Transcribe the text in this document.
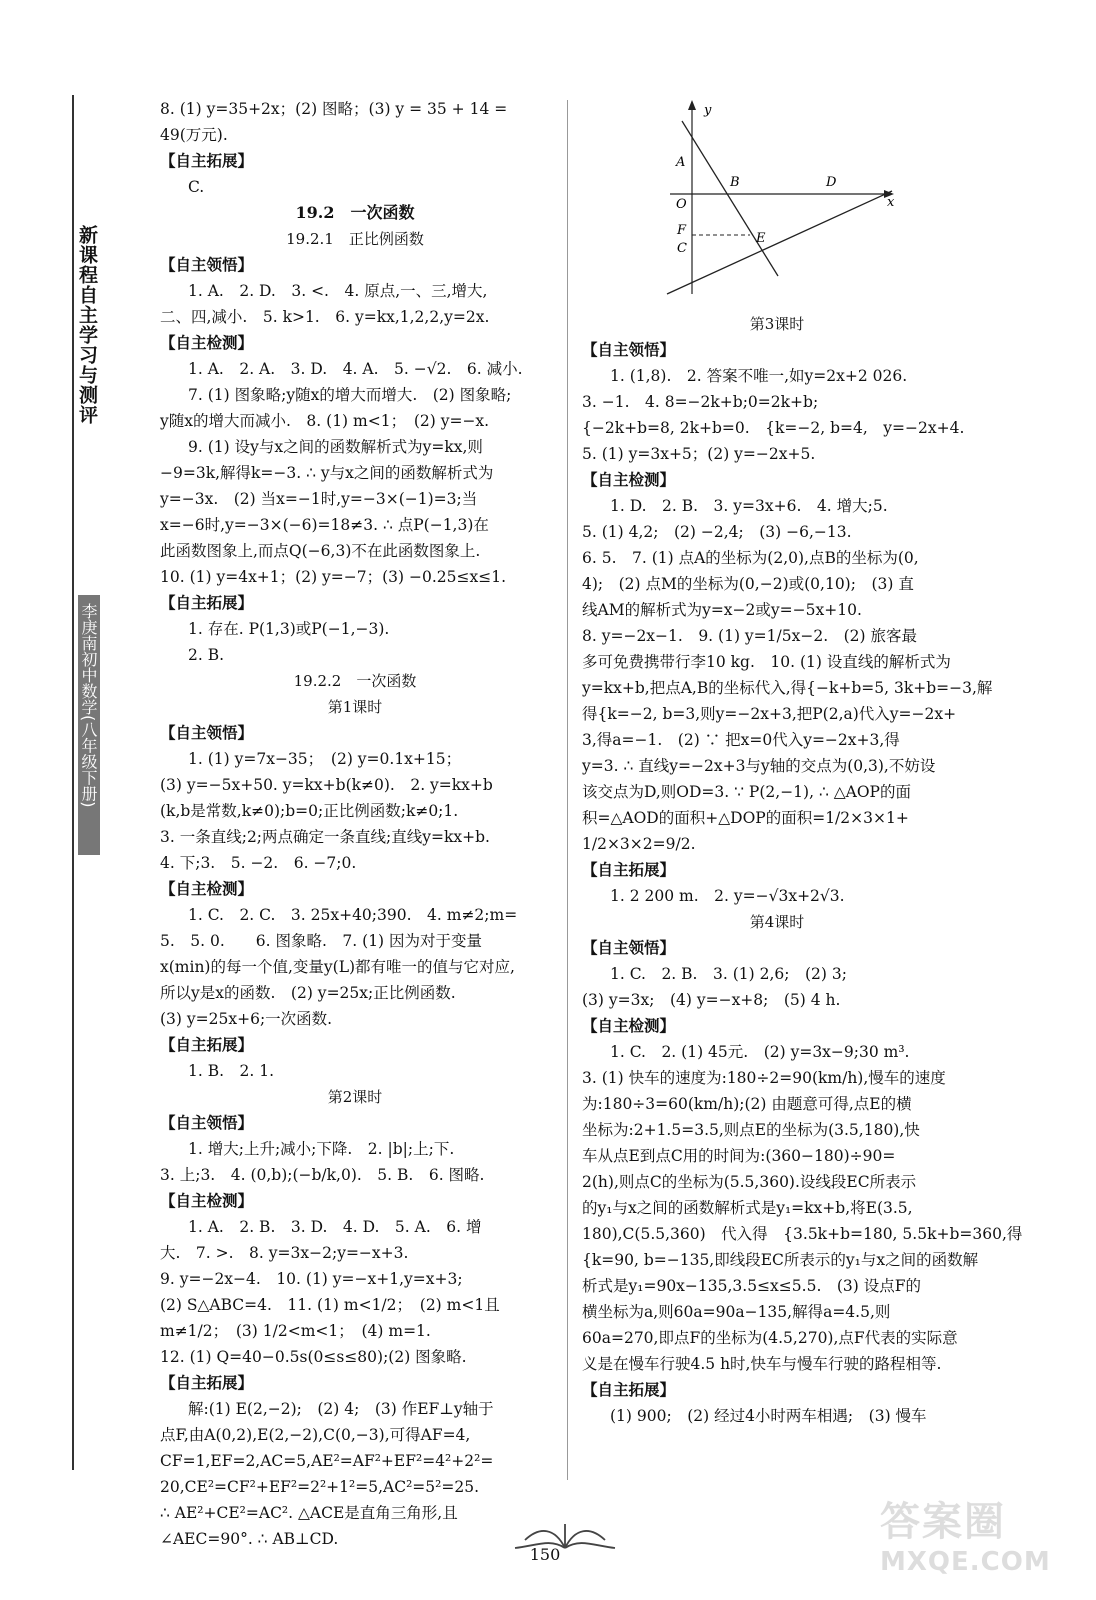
新课程自主学习与测评
李庚南初中数学(八年级下册)
8. (1) y=35+2x；(2) 图略；(3) y = 35 + 14 =
49(万元).
【自主拓展】
C.
19.2　一次函数
19.2.1　正比例函数
【自主领悟】
1. A.　2. D.　3. <.　4. 原点,一、三,增大,
二、四,减小.　5. k>1.　6. y=kx,1,2,2,y=2x.
【自主检测】
1. A.　2. A.　3. D.　4. A.　5. −√2.　6. 减小.
7. (1) 图象略;y随x的增大而增大.　(2) 图象略;
y随x的增大而减小.　8. (1) m<1；　(2) y=−x.
9. (1) 设y与x之间的函数解析式为y=kx,则
−9=3k,解得k=−3. ∴ y与x之间的函数解析式为
y=−3x.　(2) 当x=−1时,y=−3×(−1)=3;当
x=−6时,y=−3×(−6)=18≠3. ∴ 点P(−1,3)在
此函数图象上,而点Q(−6,3)不在此函数图象上.
10. (1) y=4x+1；(2) y=−7；(3) −0.25≤x≤1.
【自主拓展】
1. 存在. P(1,3)或P(−1,−3).
2. B.
19.2.2　一次函数
第1课时
【自主领悟】
1. (1) y=7x−35；　(2) y=0.1x+15；
(3) y=−5x+50. y=kx+b(k≠0).　2. y=kx+b
(k,b是常数,k≠0);b=0;正比例函数;k≠0;1.
3. 一条直线;2;两点确定一条直线;直线y=kx+b.
4. 下;3.　5. −2.　6. −7;0.
【自主检测】
1. C.　2. C.　3. 25x+40;390.　4. m≠2;m=
5.　5. 0.　　6. 图象略.　7. (1) 因为对于变量
x(min)的每一个值,变量y(L)都有唯一的值与它对应,
所以y是x的函数.　(2) y=25x;正比例函数.
(3) y=25x+6;一次函数.
【自主拓展】
1. B.　2. 1.
第2课时
【自主领悟】
1. 增大;上升;减小;下降.　2. |b|;上;下.
3. 上;3.　4. (0,b);(−b/k,0).　5. B.　6. 图略.
【自主检测】
1. A.　2. B.　3. D.　4. D.　5. A.　6. 增
大.　7. >.　8. y=3x−2;y=−x+3.
9. y=−2x−4.　10. (1) y=−x+1,y=x+3;
(2) S△ABC=4.　11. (1) m<1/2；　(2) m<1且
m≠1/2；　(3) 1/2<m<1；　(4) m=1.
12. (1) Q=40−0.5s(0≤s≤80);(2) 图象略.
【自主拓展】
解:(1) E(2,−2);　(2) 4;　(3) 作EF⊥y轴于
点F,由A(0,2),E(2,−2),C(0,−3),可得AF=4,
CF=1,EF=2,AC=5,AE²=AF²+EF²=4²+2²=
20,CE²=CF²+EF²=2²+1²=5,AC²=5²=25.
∴ AE²+CE²=AC². △ACE是直角三角形,且
∠AEC=90°. ∴ AB⊥CD.
y
x
O
A
B
C
D
E
F
第3课时
【自主领悟】
1. (1,8).　2. 答案不唯一,如y=2x+2 026.
3. −1.　4. 8=−2k+b;0=2k+b;
{−2k+b=8, 2k+b=0.　{k=−2, b=4,　y=−2x+4.
5. (1) y=3x+5；(2) y=−2x+5.
【自主检测】
1. D.　2. B.　3. y=3x+6.　4. 增大;5.
5. (1) 4,2;　(2) −2,4;　(3) −6,−13.
6. 5.　7. (1) 点A的坐标为(2,0),点B的坐标为(0,
4);　(2) 点M的坐标为(0,−2)或(0,10);　(3) 直
线AM的解析式为y=x−2或y=−5x+10.
8. y=−2x−1.　9. (1) y=1/5x−2.　(2) 旅客最
多可免费携带行李10 kg.　10. (1) 设直线的解析式为
y=kx+b,把点A,B的坐标代入,得{−k+b=5, 3k+b=−3,解
得{k=−2, b=3,则y=−2x+3,把P(2,a)代入y=−2x+
3,得a=−1.　(2) ∵ 把x=0代入y=−2x+3,得
y=3. ∴ 直线y=−2x+3与y轴的交点为(0,3),不妨设
该交点为D,则OD=3. ∵ P(2,−1), ∴ △AOP的面
积=△AOD的面积+△DOP的面积=1/2×3×1+
1/2×3×2=9/2.
【自主拓展】
1. 2 200 m.　2. y=−√3x+2√3.
第4课时
【自主领悟】
1. C.　2. B.　3. (1) 2,6;　(2) 3;
(3) y=3x;　(4) y=−x+8;　(5) 4 h.
【自主检测】
1. C.　2. (1) 45元.　(2) y=3x−9;30 m³.
3. (1) 快车的速度为:180÷2=90(km/h),慢车的速度
为:180÷3=60(km/h);(2) 由题意可得,点E的横
坐标为:2+1.5=3.5,则点E的坐标为(3.5,180),快
车从点E到点C用的时间为:(360−180)÷90=
2(h),则点C的坐标为(5.5,360).设线段EC所表示
的y₁与x之间的函数解析式是y₁=kx+b,将E(3.5,
180),C(5.5,360)　代入得　{3.5k+b=180, 5.5k+b=360,得
{k=90, b=−135,即线段EC所表示的y₁与x之间的函数解
析式是y₁=90x−135,3.5≤x≤5.5.　(3) 设点F的
横坐标为a,则60a=90a−135,解得a=4.5,则
60a=270,即点F的坐标为(4.5,270),点F代表的实际意
义是在慢车行驶4.5 h时,快车与慢车行驶的路程相等.
【自主拓展】
(1) 900;　(2) 经过4小时两车相遇;　(3) 慢车
150
答案圈
MXQE.COM
